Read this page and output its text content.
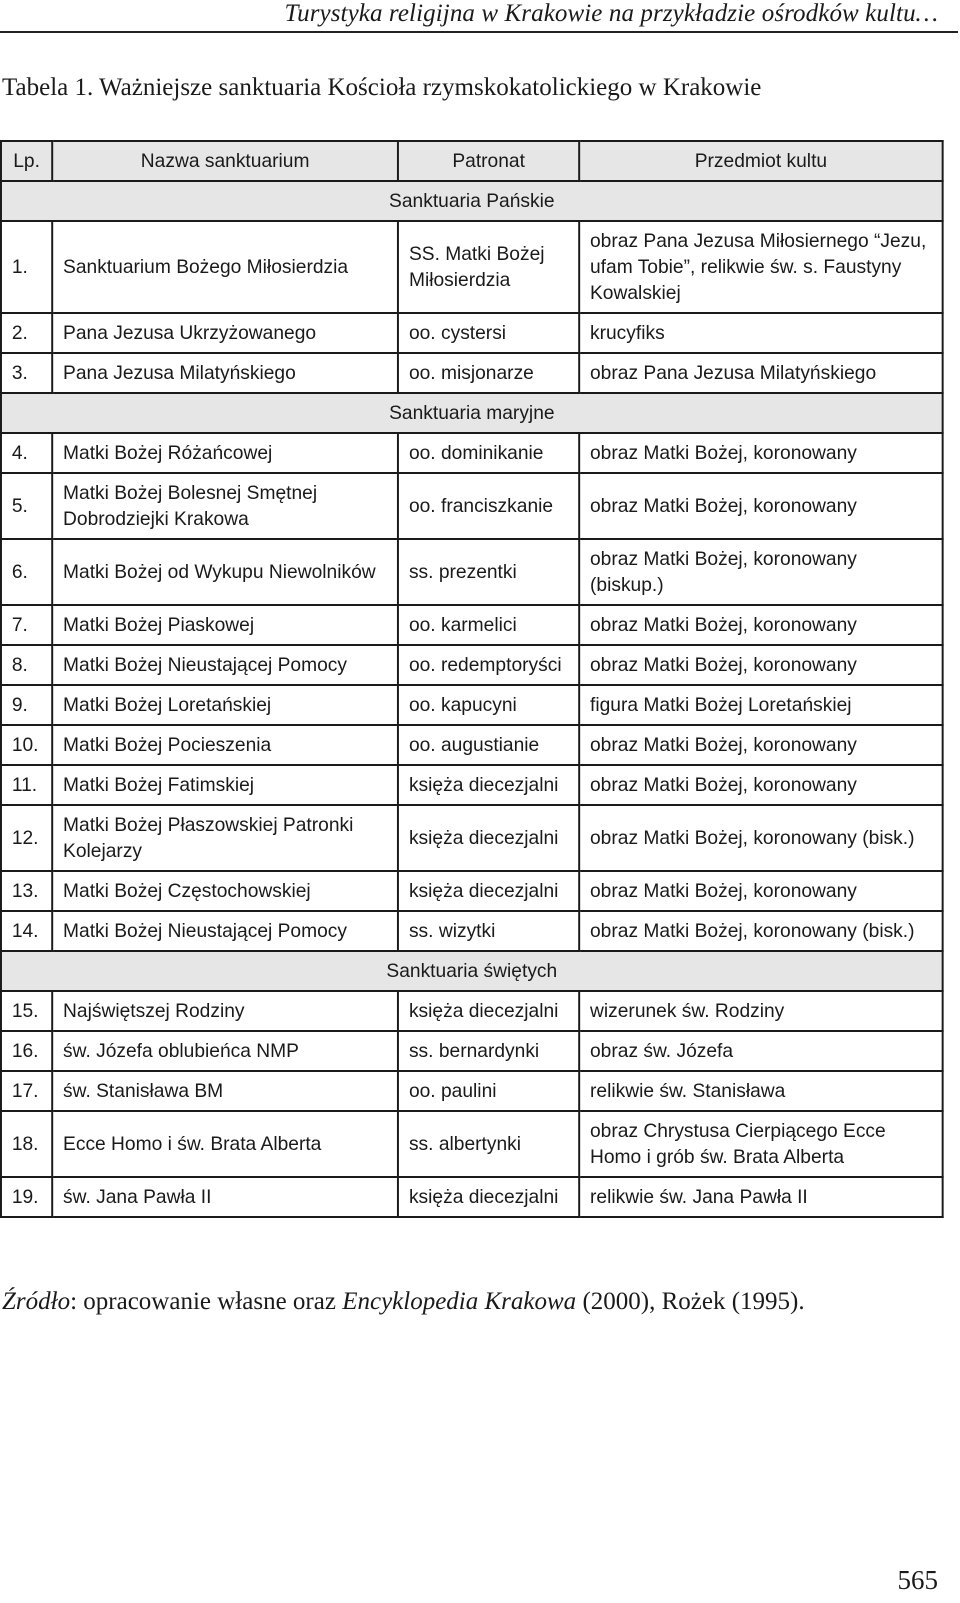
Turystyka religijna w Krakowie na przykładzie ośrodków kultu…
Tabela 1. Ważniejsze sanktuaria Kościoła rzymskokatolickiego w Krakowie
Lp.	Nazwa sanktuarium	Patronat	Przedmiot kultu
Sanktuaria Pańskie			
1.	Sanktuarium Bożego Miłosierdzia	SS. Matki Bożej Miłosierdzia	obraz Pana Jezusa Miłosiernego “Jezu, ufam Tobie”, relikwie św. s. Faustyny Kowalskiej
2.	Pana Jezusa Ukrzyżowanego	oo. cystersi	krucyfiks
3.	Pana Jezusa Milatyńskiego	oo. misjonarze	obraz Pana Jezusa Milatyńskiego
Sanktuaria maryjne			
4.	Matki Bożej Różańcowej	oo. dominikanie	obraz Matki Bożej, koronowany
5.	Matki Bożej Bolesnej Smętnej Dobrodziejki Krakowa	oo. franciszkanie	obraz Matki Bożej, koronowany
6.	Matki Bożej od Wykupu Niewolników	ss. prezentki	obraz Matki Bożej, koronowany (biskup.)
7.	Matki Bożej Piaskowej	oo. karmelici	obraz Matki Bożej, koronowany
8.	Matki Bożej Nieustającej Pomocy	oo. redemptoryści	obraz Matki Bożej, koronowany
9.	Matki Bożej Loretańskiej	oo. kapucyni	figura Matki Bożej Loretańskiej
10.	Matki Bożej Pocieszenia	oo. augustianie	obraz Matki Bożej, koronowany
11.	Matki Bożej Fatimskiej	księża diecezjalni	obraz Matki Bożej, koronowany
12.	Matki Bożej Płaszowskiej Patronki Kolejarzy	księża diecezjalni	obraz Matki Bożej, koronowany (bisk.)
13.	Matki Bożej Częstochowskiej	księża diecezjalni	obraz Matki Bożej, koronowany
14.	Matki Bożej Nieustającej Pomocy	ss. wizytki	obraz Matki Bożej, koronowany (bisk.)
Sanktuaria świętych			
15.	Najświętszej Rodziny	księża diecezjalni	wizerunek św. Rodziny
16.	św. Józefa oblubieńca NMP	ss. bernardynki	obraz św. Józefa
17.	św. Stanisława BM	oo. paulini	relikwie św. Stanisława
18.	Ecce Homo i św. Brata Alberta	ss. albertynki	obraz Chrystusa Cierpiącego Ecce Homo i grób św. Brata Alberta
19.	św. Jana Pawła II	księża diecezjalni	relikwie św. Jana Pawła II
Źródło: opracowanie własne oraz Encyklopedia Krakowa (2000), Rożek (1995).
565
